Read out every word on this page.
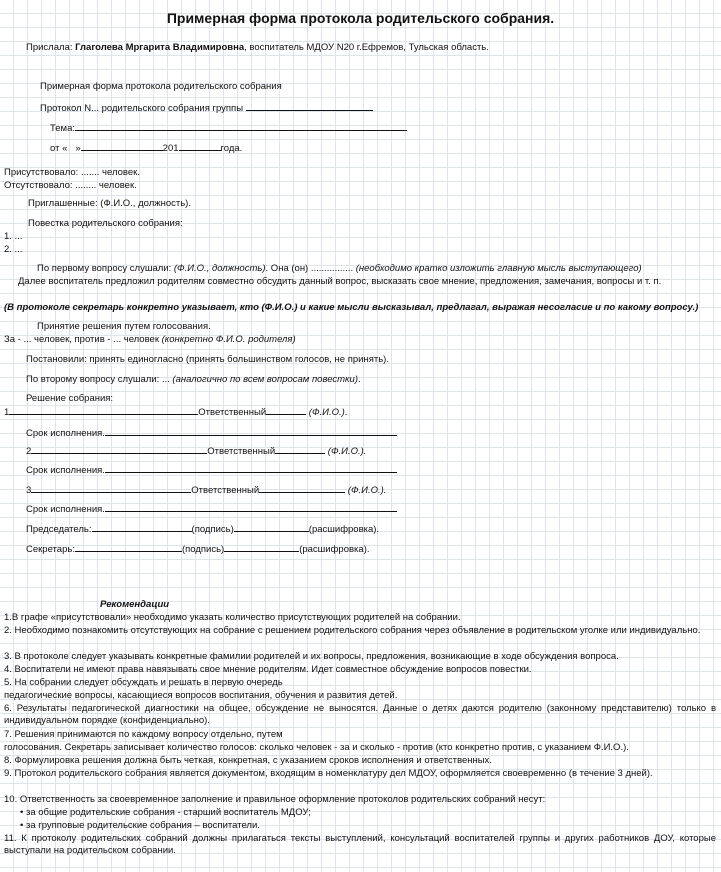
Примерная форма протокола родительского собрания.
Прислала: Глаголева Мргарита Владимировна, воспитатель МДОУ N20 г.Ефремов, Тульская область.
Примерная форма протокола родительского собрания
Протокол N... родительского собрания группы
Тема:
от « »	201	года.
Присутствовало: ....... человек.
Отсутствовало: ........ человек.
Приглашенные: (Ф.И.О., должность).
Повестка родительского собрания:
1. ...
2. ...
По первому вопросу слушали: (Ф.И.О., должность). Она (он) ................ (необходимо кратко изложить главную мысль выступающего)
Далее воспитатель предложил родителям совместно обсудить данный вопрос, высказать свое мнение, предложения, замечания, вопросы и т. п.
(В протоколе секретарь конкретно указывает, кто (Ф.И.О.) и какие мысли высказывал, предлагал, выражая несогласие и по какому вопросу.)
Принятие решения путем голосования.
За - ... человек, против - ... человек (конкретно Ф.И.О. родителя)
Постановили: принять единогласно (принять большинством голосов, не принять).
По второму вопросу слушали: ... (аналогично по всем вопросам повестки).
Решение собрания:
1	Ответственный	(Ф.И.О.).
Срок исполнения.
2	Ответственный	(Ф.И.О.).
Срок исполнения.
3	Ответственный	(Ф.И.О.).
Срок исполнения.
Председатель:	(подпись)	(расшифровка).
Секретарь:	(подпись)	(расшифровка).
Рекомендации
1.В графе «присутствовали» необходимо указать количество присутствующих родителей на собрании.
2. Необходимо познакомить отсутствующих на собрание с решением родительского собрания через объявление в родительском уголке или индивидуально.
3. В протоколе следует указывать конкретные фамилии родителей и их вопросы, предложения, возникающие в ходе обсуждения вопроса.
4. Воспитатели не имеют права навязывать свое мнение родителям. Идет совместное обсуждение вопросов повестки.
5. На собрании следует обсуждать и решать в первую очередь
педагогические вопросы, касающиеся вопросов воспитания, обучения и развития детей.
6. Результаты педагогической диагностики на общее, обсуждение не выносятся. Данные о детях даются родителю (законному представителю) только в индивидуальном порядке (конфиденциально).
7. Решения принимаются по каждому вопросу отдельно, путем
голосования. Секретарь записывает количество голосов: сколько человек - за и сколько - против (кто конкретно против, с указанием Ф.И.О.).
8. Формулировка решения должна быть четкая, конкретная, с указанием сроков исполнения и ответственных.
9. Протокол родительского собрания является документом, входящим в номенклатуру дел МДОУ, оформляется своевременно (в течение 3 дней).
10. Ответственность за своевременное заполнение и правильное оформление протоколов родительских собраний несут:
• за общие родительские собрания - старший воспитатель МДОУ;
• за групповые родительские собрания – воспитатели.
11. К протоколу родительских собраний должны прилагаться тексты выступлений, консультаций воспитателей группы и других работников ДОУ, которые выступали на родительском собрании.
